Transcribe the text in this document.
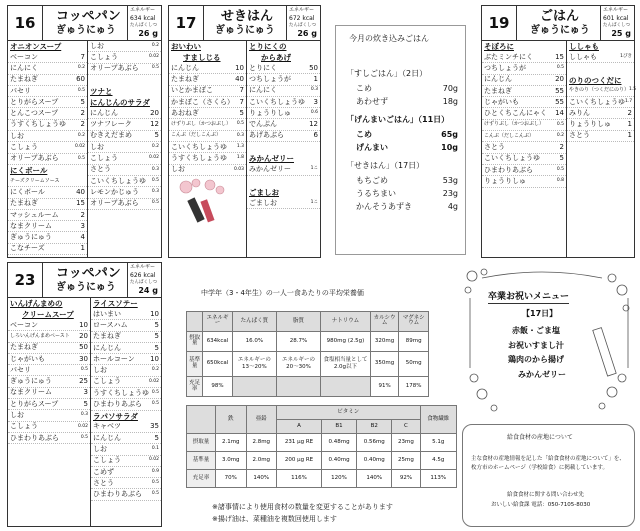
16	コッペパン
ぎゅうにゅう
エネルギー
634 kcal
たんぱくしつ
26 g
オニオンスープ
ベーコン	7
にんにく	0.2
たまねぎ	60
パセリ	0.5
とりがらスープ	5
とんこつスープ	2
うすくちしょうゆ 2
しお	0.2
こしょう	0.02
オリーブあぶら	0.5
にくボール
チーズクリームソース
にくボール	40
たまねぎ	15
マッシュルーム	2
なまクリーム	3
ぎゅうにゅう	4
こなチーズ	1
しお	0.2
こしょう	0.02
オリーブあぶら	0.5
ツナと
にんじんのサラダ
にんじん	20
ツナフレーク	12
むきえだまめ	5
しお	0.2
こしょう	0.02
さとう	0.3
こいくちしょうゆ 0.5
レモンかじゅう	0.3
オリーブあぶら	0.5
17	せきはん
ぎゅうにゅう
エネルギー
672 kcal
たんぱくしつ
26 g
おいわい
すましじる
にんじん	10
たまねぎ	40
いとかまぼこ	7
かまぼこ（さくら） 7
あおねぎ	5
けずりぶし（かつおぶし） 0.5
こんぶ（だしこんぶ）	0.3
こいくちしょうゆ 1.3
うすくちしょうゆ 1.8
しお	0.03
とりにくの
からあげ
とりにく	50
つちしょうが	1
にんにく	0.3
こいくちしょうゆ 3
りょうりしゅ	0.6
でんぷん	12
あげあぶら	6
みかんゼリー
みかんゼリー	1こ
ごましお
ごましお	1こ
今月の炊き込みごはん
「すしごはん」（2日）
こめ	70g
あわせず	18g
「げんまいごはん」（11日）
こめ	65g
げんまい	10g
「せきはん」（17日）
もちごめ	53g
うるちまい	23g
かんそうあずき	4g
19	ごはん
ぎゅうにゅう
エネルギー
601 kcal
たんぱくしつ
25 g
そぼろに
ぶたミンチにく	15
つちしょうが	0.5
にんじん	20
たまねぎ	55
じゃがいも	55
ひとくちこんにゃく 14
けずりぶし（かつおぶし）	0.5
こんぶ（だしこんぶ）	0.2
さとう	2
こいくちしょうゆ	5
ひまわりあぶら	0.5
りょうりしゅ	0.8
ししゃも
ししゃも	1ぴき
のりのつくだに
やきのり（つくだにのり） 1.5
こいくちしょうゆ 1.7
みりん	2
りょうりしゅ 1
さとう	1
23	コッペパン
ぎゅうにゅう
エネルギー
626 kcal
たんぱくしつ
24 g
いんげんまめの
クリームスープ
ベーコン	10
しろいんげんまめペースト 20
たまねぎ	50
じゃがいも	30
パセリ	0.5
ぎゅうにゅう	25
なまクリーム	3
とりがらスープ	5
しお	0.3
こしょう	0.02
ひまわりあぶら	0.5
ライスソテー
はいまい	10
ロースハム	5
たまねぎ	5
にんじん	5
ホールコーン 10
しお	0.2
こしょう	0.02
うすくちしょうゆ 0.5
ひまわりあぶら 0.5
ラパソサラダ
キャベツ	35
にんじん	5
しお	0.1
こしょう	0.02
こめず	0.9
さとう	0.5
ひまわりあぶら 0.5
中学年（3・4年生）の一人一食あたりの平均栄養価
	エネルギー	たんぱく質	脂質	ナトリウム	カルシウム	マグネシウム
摂取量	634kcal	16.0%	28.7%	980mg (2.5g)	320mg	89mg
基準量	650kcal	エネルギーの 13～20%	エネルギーの 20～30%	食塩相当量として 2.0g以下	350mg	50mg
充足率	98%				91%	178%
	鉄	亜鉛	ビタミン				食物繊維
			A	B1	B2	C	
摂取量	2.1mg	2.8mg	231 μg RE	0.48mg	0.56mg	23mg	5.1g
基準量	3.0mg	2.0mg	200 μg RE	0.40mg	0.40mg	25mg	4.5g
充足率	70%	140%	116%	120%	140%	92%	113%
※諸事情により使用食材の数量を変更することがあります
※揚げ油は、菜種油を複数回使用します
卒業お祝いメニュー
【17日】
赤飯・ごま塩
お祝いすまし汁
鶏肉のから揚げ
みかんゼリー
給食食材の産地について
主な食材の産地情報を記した「給食食材の産地について」を、枚方市のホームページ（学校給食）に掲載しています。
給食食材に関する問い合わせ先
おいしい給食課 電話：050-7105-8030
